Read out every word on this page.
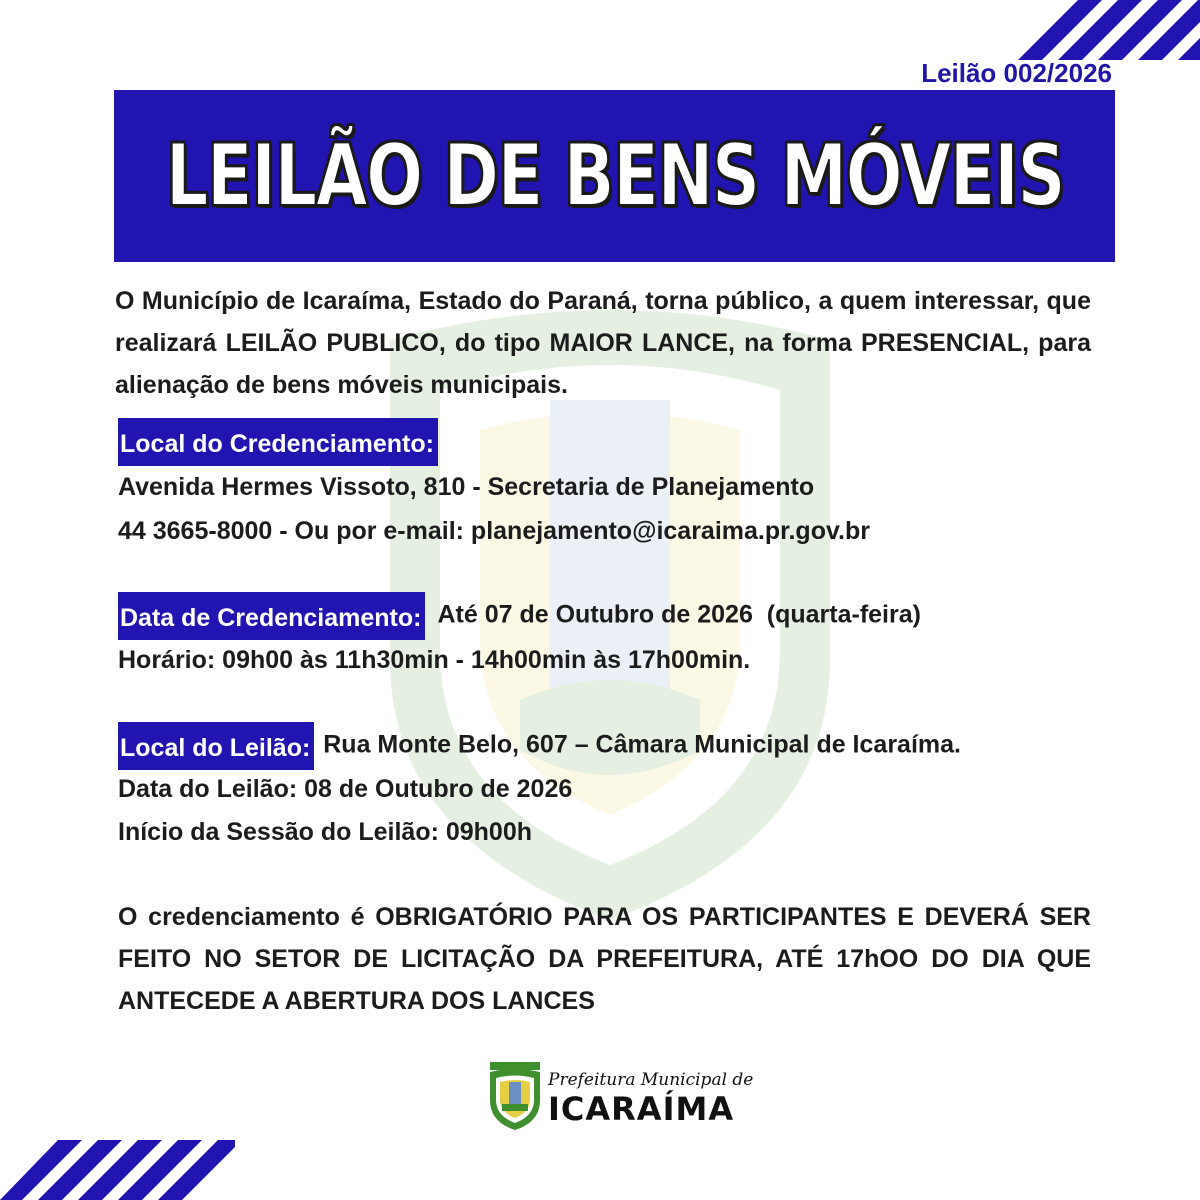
Leilão 002/2026
LEILÃO DE BENS MÓVEIS
O Município de Icaraíma, Estado do Paraná, torna público, a quem interessar, que realizará LEILÃO PUBLICO, do tipo MAIOR LANCE, na forma PRESENCIAL, para alienação de bens móveis municipais.
Local do Credenciamento:
Avenida Hermes Vissoto, 810 - Secretaria de Planejamento
44 3665-8000 - Ou por e-mail: planejamento@icaraima.pr.gov.br
Data de Credenciamento: Até 07 de Outubro de 2026  (quarta-feira)
Horário: 09h00 às 11h30min - 14h00min às 17h00min.
Local do Leilão: Rua Monte Belo, 607 – Câmara Municipal de Icaraíma.
Data do Leilão: 08 de Outubro de 2026
Início da Sessão do Leilão: 09h00h
O credenciamento é OBRIGATÓRIO PARA OS PARTICIPANTES E DEVERÁ SER FEITO NO SETOR DE LICITAÇÃO DA PREFEITURA, ATÉ 17hOO DO DIA QUE ANTECEDE A ABERTURA DOS LANCES
Prefeitura Municipal de
ICARAÍMA
